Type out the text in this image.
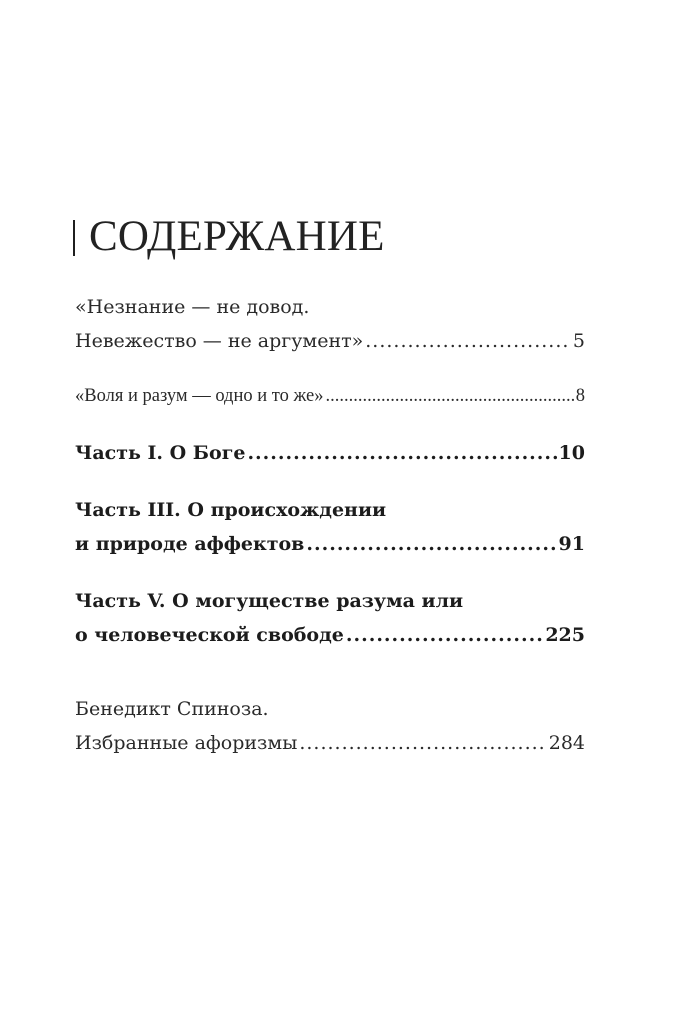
СОДЕРЖАНИЕ
«Незнание — не довод.
Невежество — не аргумент» .....	5
«Воля и разум — одно и то же» .....	8
Часть I. О Боге .....	10
Часть III. О происхождении
и природе аффектов .....	91
Часть V. О могуществе разума или
о человеческой свободе .....	225
Бенедикт Спиноза.
Избранные афоризмы .....	284
